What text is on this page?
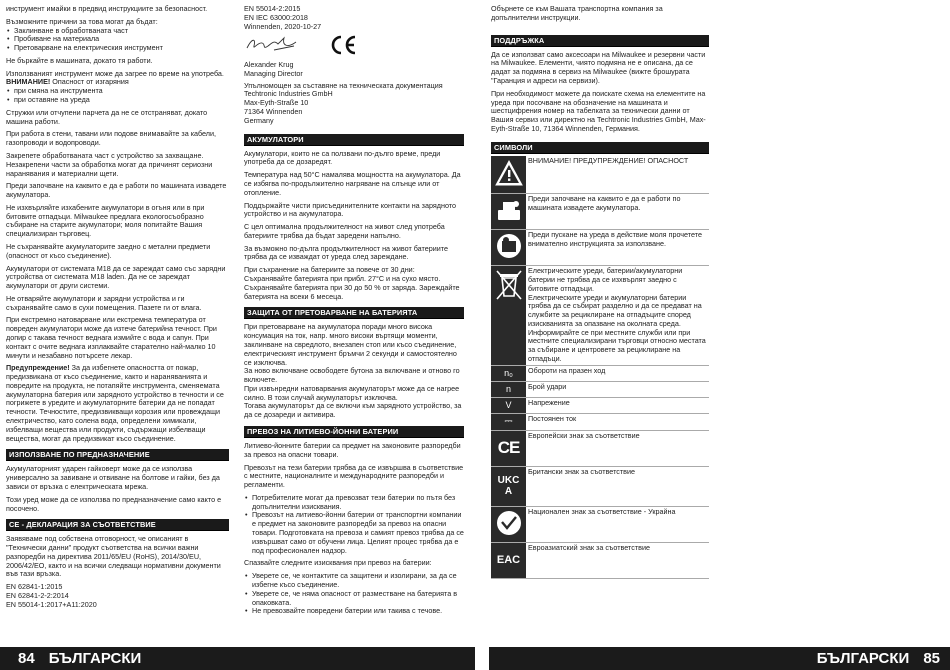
инструмент имайки в предвид инструкциите за безопасност.

Възможните причини за това могат да бъдат:

• Заклинване в обработваната част
• Пробиване на материала
• Претоварване на електрическия инструмент

Не бъркайте в машината, докато тя работи.

Използваният инструмент може да загрее по време на употреба.

ВНИМАНИЕ! Опасност от изгаряния

• при смяна на инструмента
• при оставяне на уреда

Стружки или отчупени парчета да не се отстраняват, докато машина работи.

При работа в стени, тавани или подове внимавайте за кабели, газопроводи и водопроводи.

Закрепете обработваната част с устройство за захващане. Незакрепени части за обработка могат да причинят сериозни наранявания и материални щети.

Преди започване на каквито е да е работи по машината извадете акумулатора.

Не изхвърляйте изхабените акумулатори в огъня или в при битовите отпадъци. Milwaukee предлага екологосъобразно събиране на старите акумулатори; моля попитайте Вашия специализиран търговец.

Не съхранявайте акумулаторите заедно с метални предмети (опасност от късо съединение).

Акумулатори от системата M18 да се зареждат само със зарядни устройства от системата M18 laden. Да не се зареждат акумулатори от други системи.

Не отваряйте акумулатори и зарядни устройства и ги съхранявайте само в сухи помещения. Пазете ги от влага.

При екстремно натоварване или екстремна температура от повреден акумулатори може да изтече батерийна течност. При допир с такава течност веднага измийте с вода и сапун. При контакт с очите веднага изплаквайте старателно най-малко 10 минути и незабавно потърсете лекар.

Предупреждение! За да избегнете опасността от пожар, предизвикана от късо съединение, както и нараняванията и повредите на продукта, не потапяйте инструмента, сменяемата акумулаторна батерия или зарядното устройство в течности и се погрижете в уредите и акумулаторните батерии да не попадат течности. Течностите, предизвикващи корозия или провеждащи електричество, като солена вода, определени химикали, избелващи вещества или продукти, съдържащи избелващи вещества, могат да предизвикат късо съединение.

ИЗПОЛЗВАНЕ ПО ПРЕДНАЗНАЧЕНИЕ

Акумулаторният ударен гайковерт може да се използва универсално за завиване и отвиване на болтове и гайки, без да зависи от връзка с електрическата мрежа.

Този уред може да се използва по предназначение само както е посочено.

CE - ДЕКЛАРАЦИЯ ЗА СЪОТВЕТСТВИЕ

Заявяваме под собствена отговорност, че описаният в "Технически данни" продукт съответства на всички важни разпоредби на директива 2011/65/EU (RoHS), 2014/30/EU, 2006/42/EO, както и на всички следващи нормативни документи във тази връзка.

EN 62841-1:2015
EN 62841-2-2:2014
EN 55014-1:2017+A11:2020
EN 55014-2:2015
EN IEC 63000:2018
Winnenden, 2020-10-27
Alexander Krug
Managing Director
Упълномощен за съставяне на техническата документация
Techtronic Industries GmbH
Max-Eyth-Straße 10
71364 Winnenden
Germany
АКУМУЛАТОРИ

Акумулатори, които не са ползвани по-дълго време, преди употреба да се дозаредят.

Температура над 50°C намалява мощността на акумулатора. Да се избягва по-продължително нагряване на слънце или от отопление.

Поддържайте чисти присъединителните контакти на зарядното устройство и на акумулатора.

С цел оптимална продължителност на живот след употреба батериите трябва да бъдат заредени напълно.

За възможно по-дълга продължителност на живот батериите трябва да се изваждат от уреда след зареждане.

При съхранение на батериите за повече от 30 дни: Съхранявайте батерията при прибл. 27°C и на сухо място. Съхранявайте батерията при 30 до 50 % от заряда. Зареждайте батерията на всеки 6 месеца.

ЗАЩИТА ОТ ПРЕТОВАРВАНЕ НА БАТЕРИЯТА

При претоварване на акумулатора поради много висока консумация на ток, напр. много високи въртящи моменти, заклинване на свредлото, внезапен стоп или късо съединение, електрическият инструмент бръмчи 2 секунди и самостоятелно се изключва.

За ново включване освободете бутона за включване и отново го включете.

При извънредни натоварвания акумулаторът може да се нагрее силно. В този случай акумулаторът изключва.

Тогава акумулаторът да се включи към зарядното устройство, за да се дозареди и активира.

ПРЕВОЗ НА ЛИТИЕВО-ЙОННИ БАТЕРИИ

Литиево-йонните батерии са предмет на законовите разпоредби за превоз на опасни товари.

Превозът на тези батерии трябва да се извършва в съответствие с местните, националните и международните разпоредби и регламенти.

• Потребителите могат да превозват тези батерии по пътя без допълнителни изисквания.
• Превозът на литиево-йонни батерии от транспортни компании е предмет на законовите разпоредби за превоз на опасни товари. Подготовката на превоза и самият превоз трябва да се извършват само от обучени лица. Целият процес трябва да е под професионален надзор.

Спазвайте следните изисквания при превоз на батерии:

• Уверете се, че контактите са защитени и изолирани, за да се избегне късо съединение.
• Уверете се, че няма опасност от разместване на батерията в опаковката.
• Не превозвайте повредени батерии или такива с течове.

Обърнете се към Вашата транспортна компания за допълнителни инструкции.

ПОДДРЪЖКА

Да се използват само аксесоари на Milwaukee и резервни части на Milwaukee. Елементи, чиято подмяна не е описана, да се дадат за подмяна в сервиз на Milwaukee (вижте брошурата "Гаранция и адреси на сервизи).

При необходимост можете да поискате схема на елементите на уреда при посочване на обозначение на машината и шестцифрения номер на табелката за технически данни от Вашия сервиз или директно на Techtronic Industries GmbH, Max-Eyth-Straße 10, 71364 Winnenden, Германия.

СИМВОЛИ
	ВНИМАНИЕ! ПРЕДУПРЕЖДЕНИЕ! ОПАСНОСТ
	Преди започване на каквито е да е работи по машината извадете акумулатора.
	Преди пускане на уреда в действие моля прочетете внимателно инструкцията за използване.
	Електрическите уреди, батерии/акумулаторни батерии не трябва да се изхвърлят заедно с битовите отпадъци.
Електрическите уреди и акумулаторни батерии трябва да се събират разделно и да се предават на службите за рециклиране на отпадъците според изискванията за опазване на околната среда.
Информирайте се при местните служби или при местните специализирани търговци относно местата за събиране и центровете за рециклиране на отпадъци.
n₀	Обороти на празен ход
n	Брой удари
V	Напрежение
⎓	Постоянен ток
CE	Европейски знак за съответствие
UKCA	Британски знак за съответствие
	Национален знак за съответствие - Украйна
EAC	Евроазиатский знак за съответствие
84 БЪЛГАРСКИ	БЪЛГАРСКИ 85
